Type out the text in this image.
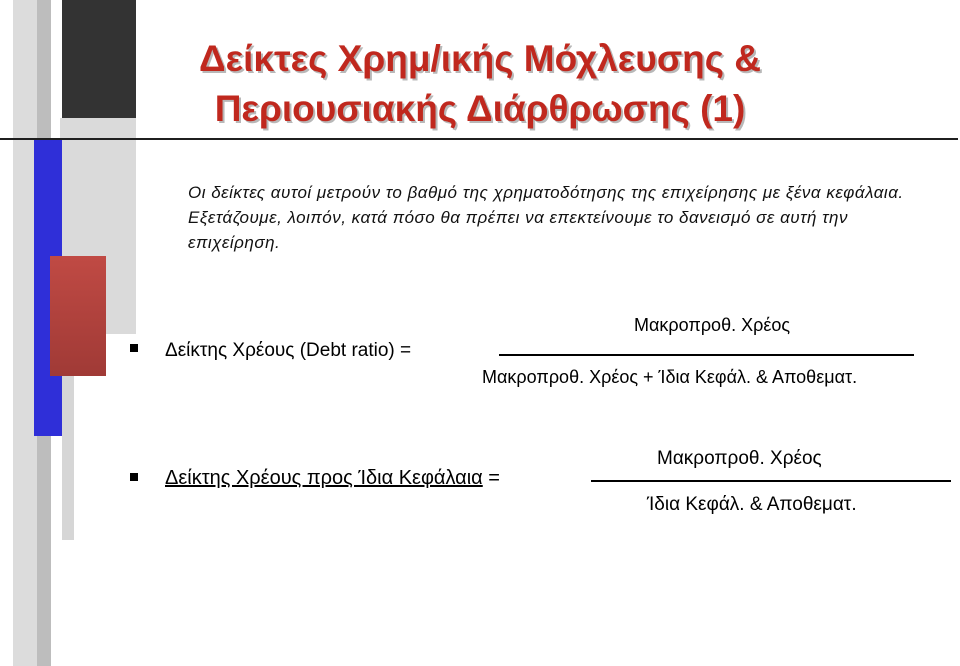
Δείκτες Χρημ/ικής Μόχλευσης &
Περιουσιακής Διάρθρωσης (1)
Οι δείκτες αυτοί μετρούν το βαθμό της χρηματοδότησης της επιχείρησης με ξένα κεφάλαια. Εξετάζουμε, λοιπόν, κατά πόσο θα πρέπει να επεκτείνουμε το δανεισμό σε αυτή την επιχείρηση.
Δείκτης Χρέους (Debt ratio) =
Μακροπροθ. Χρέος
Μακροπροθ. Χρέος + Ίδια Κεφάλ. & Αποθεματ.
Δείκτης Χρέους προς Ίδια Κεφάλαια =
Μακροπροθ. Χρέος
Ίδια Κεφάλ. & Αποθεματ.
